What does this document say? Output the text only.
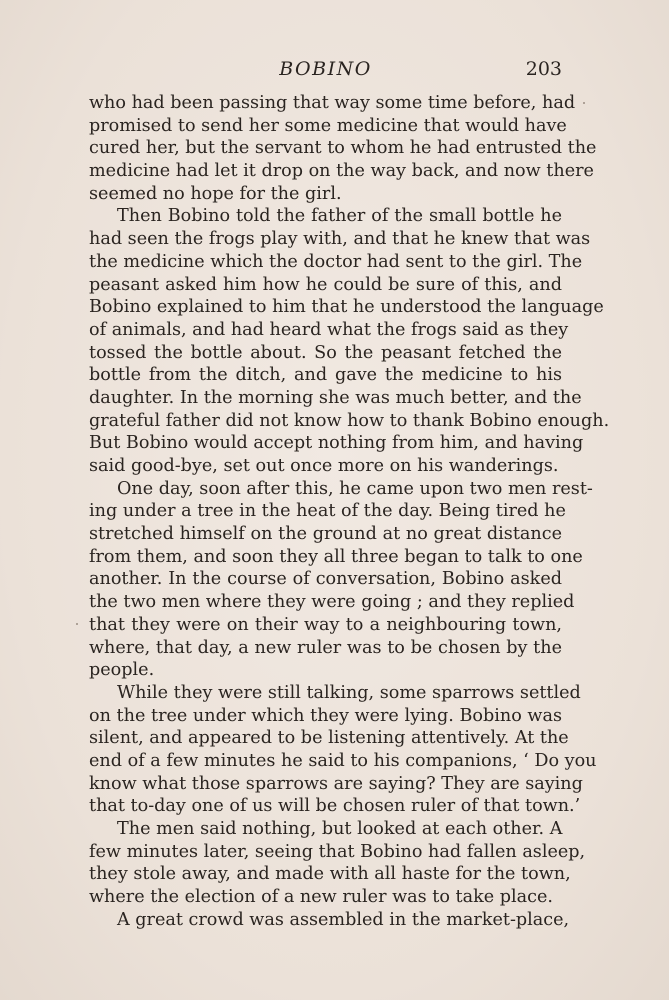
BOBINO	203
who had been passing that way some time before, had
promised to send her some medicine that would have
cured her, but the servant to whom he had entrusted the
medicine had let it drop on the way back, and now there
seemed no hope for the girl.
Then Bobino told the father of the small bottle he
had seen the frogs play with, and that he knew that was
the medicine which the doctor had sent to the girl. The
peasant asked him how he could be sure of this, and
Bobino explained to him that he understood the language
of animals, and had heard what the frogs said as they
tossed the bottle about. So the peasant fetched the
bottle from the ditch, and gave the medicine to his
daughter. In the morning she was much better, and the
grateful father did not know how to thank Bobino enough.
But Bobino would accept nothing from him, and having
said good-bye, set out once more on his wanderings.
One day, soon after this, he came upon two men rest-
ing under a tree in the heat of the day. Being tired he
stretched himself on the ground at no great distance
from them, and soon they all three began to talk to one
another. In the course of conversation, Bobino asked
the two men where they were going ; and they replied
that they were on their way to a neighbouring town,
where, that day, a new ruler was to be chosen by the
people.
While they were still talking, some sparrows settled
on the tree under which they were lying. Bobino was
silent, and appeared to be listening attentively. At the
end of a few minutes he said to his companions, ‘ Do you
know what those sparrows are saying? They are saying
that to-day one of us will be chosen ruler of that town.’
The men said nothing, but looked at each other. A
few minutes later, seeing that Bobino had fallen asleep,
they stole away, and made with all haste for the town,
where the election of a new ruler was to take place.
A great crowd was assembled in the market-place,
